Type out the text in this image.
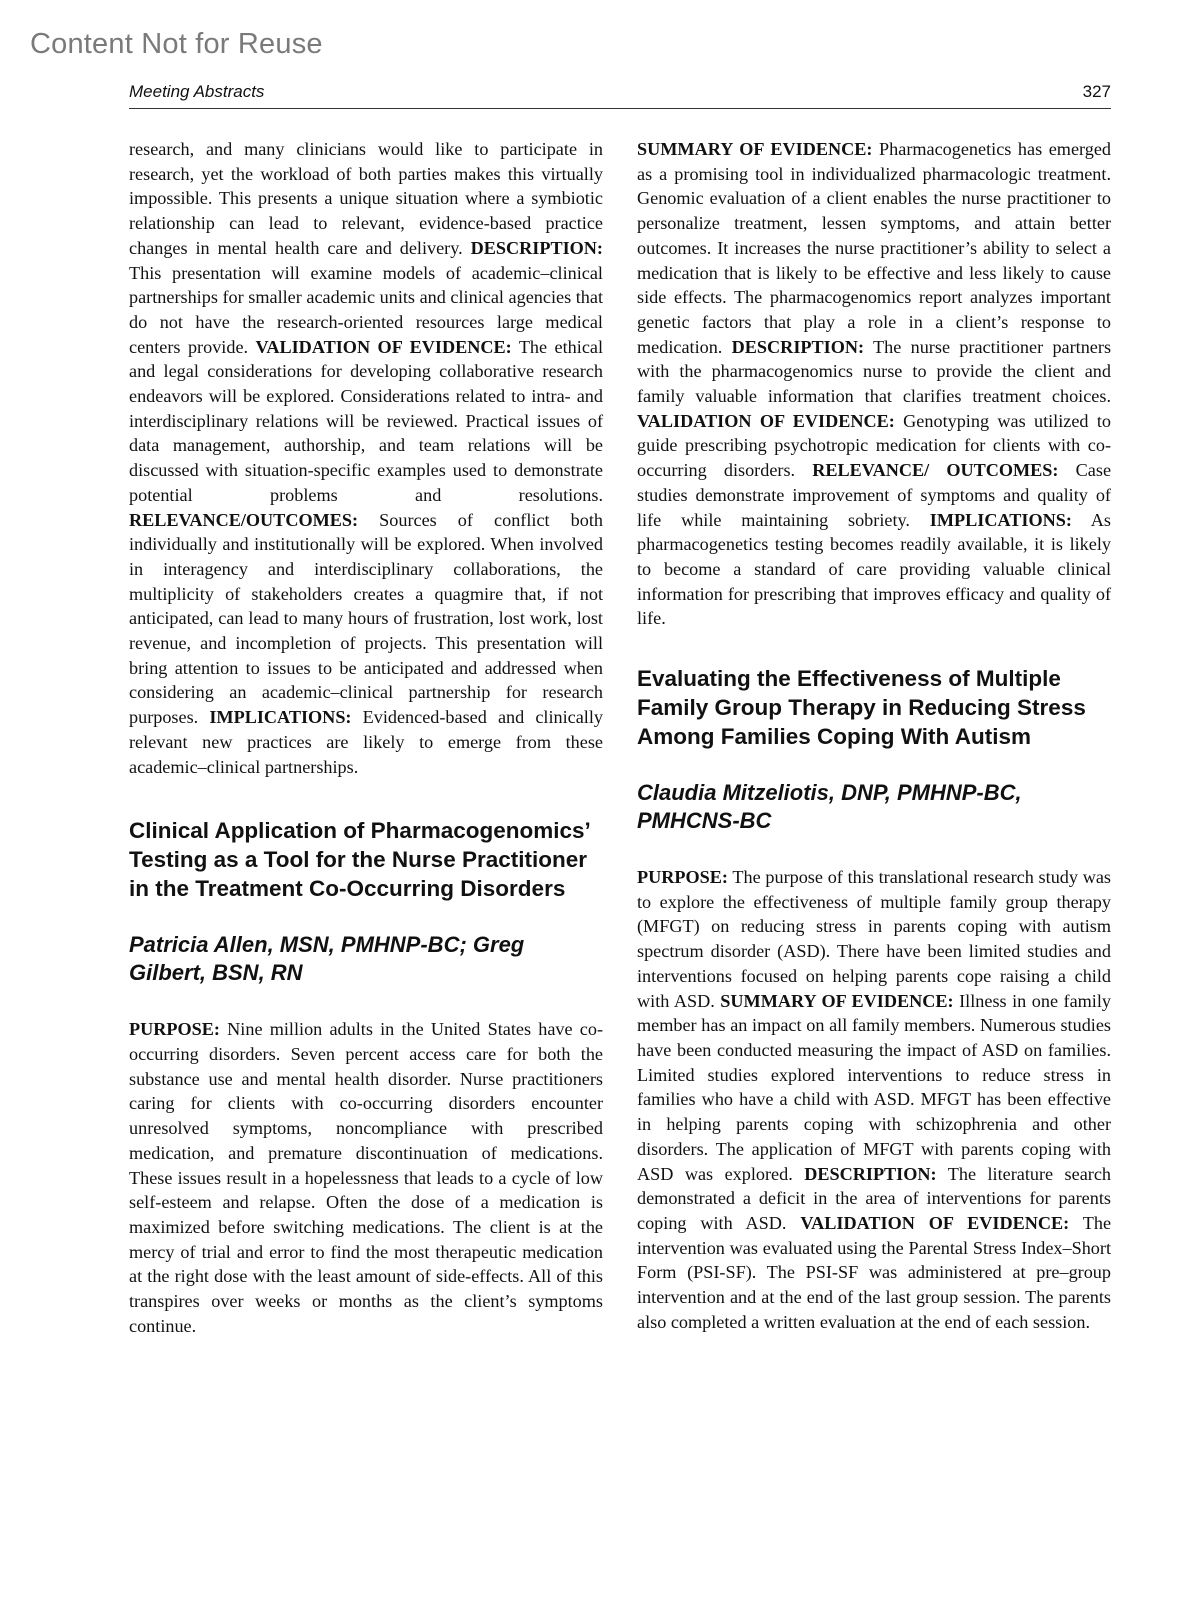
Content Not for Reuse
Meeting Abstracts	327

research, and many clinicians would like to participate in research, yet the workload of both parties makes this virtually impossible. This presents a unique situation where a symbiotic relationship can lead to relevant, evidence-based practice changes in mental health care and delivery. DESCRIPTION: This presentation will examine models of academic–clinical partnerships for smaller academic units and clinical agencies that do not have the research-oriented resources large medical centers provide. VALIDATION OF EVIDENCE: The ethical and legal considerations for developing collaborative research endeavors will be explored. Considerations related to intra- and interdisciplinary relations will be reviewed. Practical issues of data management, authorship, and team relations will be discussed with situation-specific examples used to demonstrate potential problems and resolutions. RELEVANCE/OUTCOMES: Sources of conflict both individually and institutionally will be explored. When involved in interagency and interdisciplinary collaborations, the multiplicity of stakeholders creates a quagmire that, if not anticipated, can lead to many hours of frustration, lost work, lost revenue, and incompletion of projects. This presentation will bring attention to issues to be anticipated and addressed when considering an academic–clinical partnership for research purposes. IMPLICATIONS: Evidenced-based and clinically relevant new practices are likely to emerge from these academic–clinical partnerships.

Clinical Application of Pharmacogenomics’ Testing as a Tool for the Nurse Practitioner in the Treatment Co-Occurring Disorders
Patricia Allen, MSN, PMHNP-BC; Greg Gilbert, BSN, RN

PURPOSE: Nine million adults in the United States have co-occurring disorders. Seven percent access care for both the substance use and mental health disorder. Nurse practitioners caring for clients with co-occurring disorders encounter unresolved symptoms, noncompliance with prescribed medication, and premature discontinuation of medications. These issues result in a hopelessness that leads to a cycle of low self-esteem and relapse. Often the dose of a medication is maximized before switching medications. The client is at the mercy of trial and error to find the most therapeutic medication at the right dose with the least amount of side-effects. All of this transpires over weeks or months as the client’s symptoms continue.

SUMMARY OF EVIDENCE: Pharmacogenetics has emerged as a promising tool in individualized pharmacologic treatment. Genomic evaluation of a client enables the nurse practitioner to personalize treatment, lessen symptoms, and attain better outcomes. It increases the nurse practitioner’s ability to select a medication that is likely to be effective and less likely to cause side effects. The pharmacogenomics report analyzes important genetic factors that play a role in a client’s response to medication. DESCRIPTION: The nurse practitioner partners with the pharmacogenomics nurse to provide the client and family valuable information that clarifies treatment choices. VALIDATION OF EVIDENCE: Genotyping was utilized to guide prescribing psychotropic medication for clients with co-occurring disorders. RELEVANCE/ OUTCOMES: Case studies demonstrate improvement of symptoms and quality of life while maintaining sobriety. IMPLICATIONS: As pharmacogenetics testing becomes readily available, it is likely to become a standard of care providing valuable clinical information for prescribing that improves efficacy and quality of life.

Evaluating the Effectiveness of Multiple Family Group Therapy in Reducing Stress Among Families Coping With Autism
Claudia Mitzeliotis, DNP, PMHNP-BC, PMHCNS-BC

PURPOSE: The purpose of this translational research study was to explore the effectiveness of multiple family group therapy (MFGT) on reducing stress in parents coping with autism spectrum disorder (ASD). There have been limited studies and interventions focused on helping parents cope raising a child with ASD. SUMMARY OF EVIDENCE: Illness in one family member has an impact on all family members. Numerous studies have been conducted measuring the impact of ASD on families. Limited studies explored interventions to reduce stress in families who have a child with ASD. MFGT has been effective in helping parents coping with schizophrenia and other disorders. The application of MFGT with parents coping with ASD was explored. DESCRIPTION: The literature search demonstrated a deficit in the area of interventions for parents coping with ASD. VALIDATION OF EVIDENCE: The intervention was evaluated using the Parental Stress Index–Short Form (PSI-SF). The PSI-SF was administered at pre–group intervention and at the end of the last group session. The parents also completed a written evaluation at the end of each session.
